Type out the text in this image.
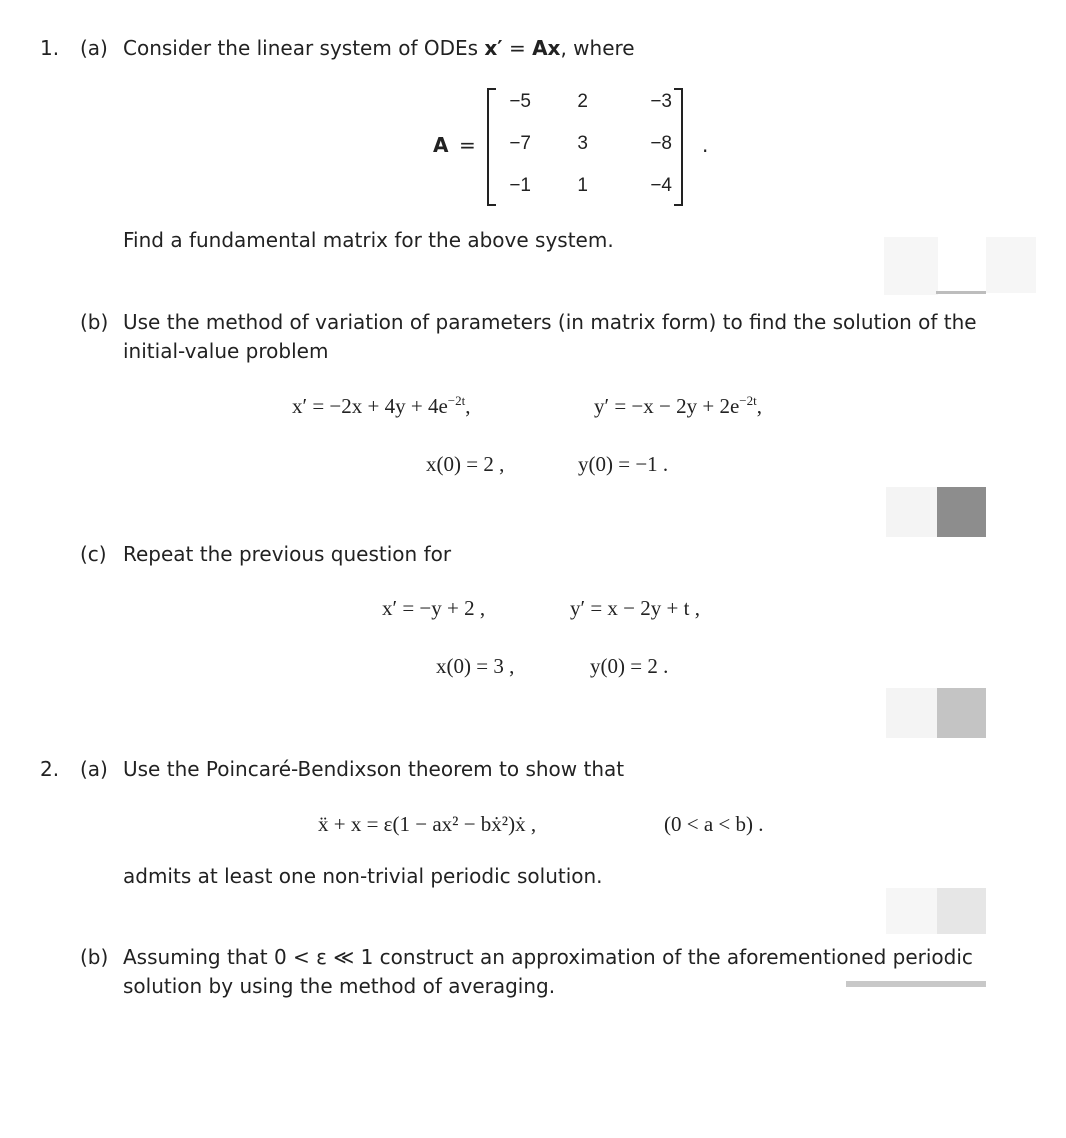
1. (a) Consider the linear system of ODEs x′ = Ax, where
A =
−5	2	−3
−7	3	−8
−1	1	−4
.
Find a fundamental matrix for the above system.
(b) Use the method of variation of parameters (in matrix form) to find the solution of the
initial-value problem
$x' = -2x + 4y + 4e^{-2t}$,	$y' = -x - 2y + 2e^{-2t}$,
x(0) = 2 ,	y(0) = −1 .
(c) Repeat the previous question for
x′ = −y + 2 ,	y′ = x − 2y + t ,
x(0) = 3 ,	y(0) = 2 .
2. (a) Use the Poincaré-Bendixson theorem to show that
ẍ + x = ε(1 − ax² − bẋ²)ẋ ,	(0 < a < b) .
admits at least one non-trivial periodic solution.
(b) Assuming that 0 < ε ≪ 1 construct an approximation of the aforementioned periodic
solution by using the method of averaging.
